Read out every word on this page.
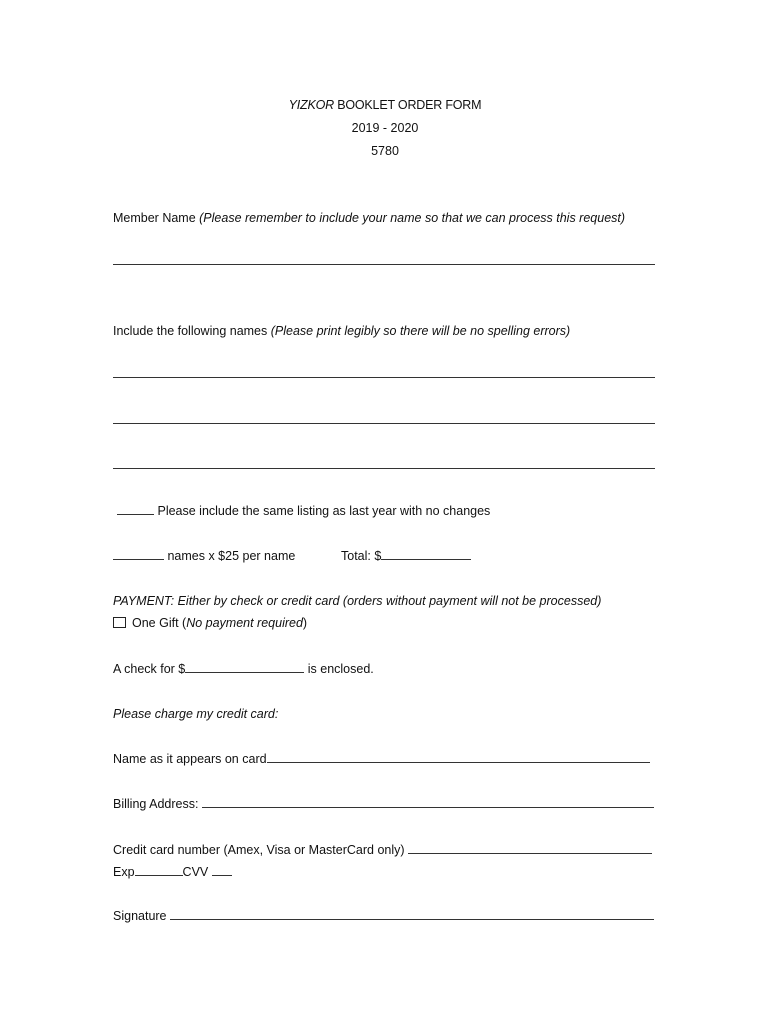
YIZKOR BOOKLET ORDER FORM
2019 - 2020
5780
Member Name (Please remember to include your name so that we can process this request)
Include the following names (Please print legibly so there will be no spelling errors)
Please include the same listing as last year with no changes
names x $25 per name	Total: $
PAYMENT: Either by check or credit card (orders without payment will not be processed)
One Gift (No payment required)
A check for $	is enclosed.
Please charge my credit card:
Name as it appears on card
Billing Address:
Credit card number (Amex, Visa or MasterCard only)
Exp	CVV
Signature
